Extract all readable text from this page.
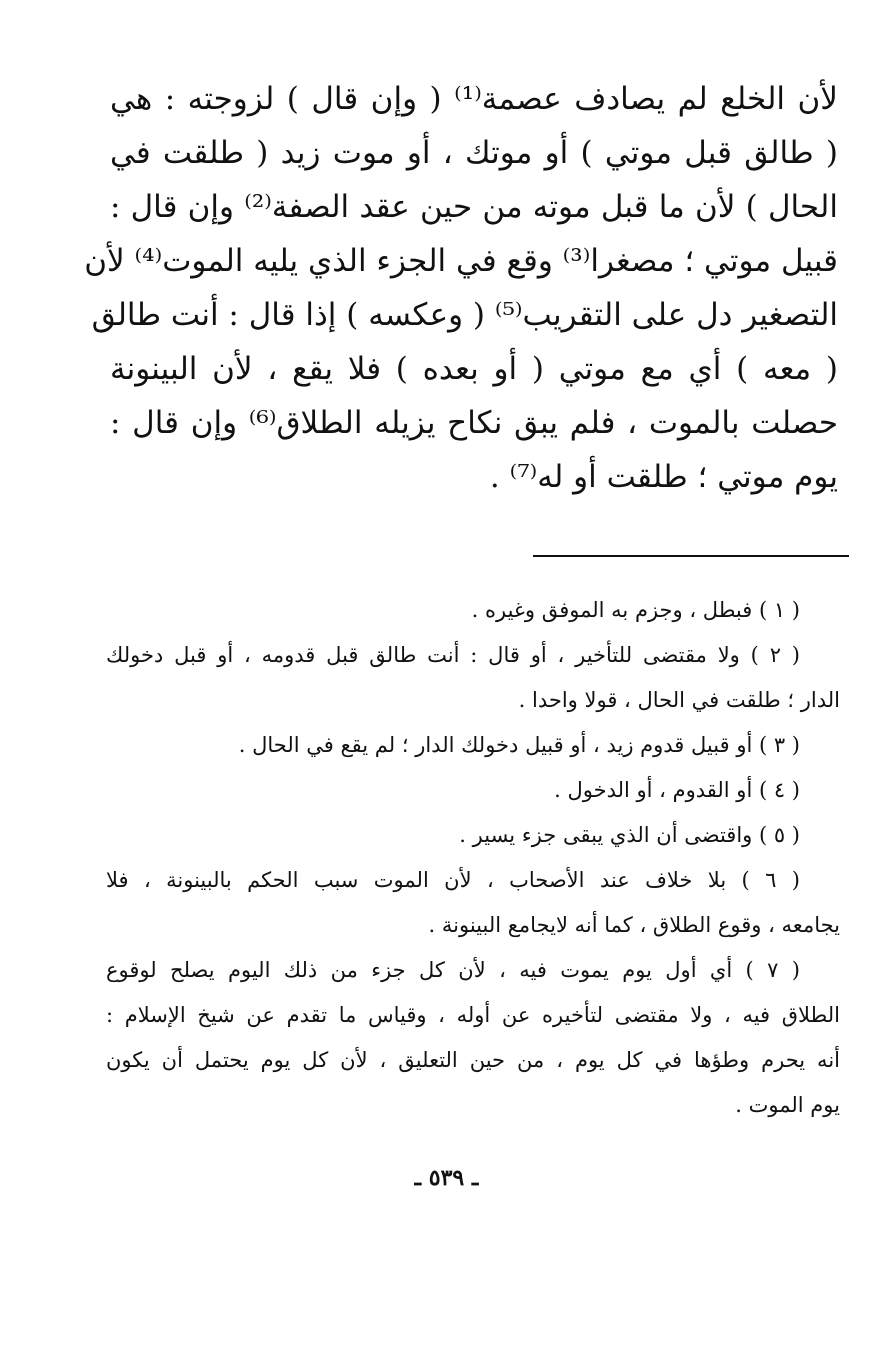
لأن الخلع لم يصادف عصمة⁽¹⁾ ( وإن قال ) لزوجته : هي
( طالق قبل موتي ) أو موتك ، أو موت زيد ( طلقت في
الحال ) لأن ما قبل موته من حين عقد الصفة⁽²⁾ وإن قال :
قبيل موتي ؛ مصغرا⁽³⁾ وقع في الجزء الذي يليه الموت⁽⁴⁾ لأن
التصغير دل على التقريب⁽⁵⁾ ( وعكسه ) إذا قال : أنت طالق
( معه ) أي مع موتي ( أو بعده ) فلا يقع ، لأن البينونة
حصلت بالموت ، فلم يبق نكاح يزيله الطلاق⁽⁶⁾ وإن قال :
يوم موتي ؛ طلقت أو له⁽⁷⁾ .
( ١ ) فبطل ، وجزم به الموفق وغيره .
( ٢ ) ولا مقتضى للتأخير ، أو قال : أنت طالق قبل قدومه ، أو قبل دخولك
الدار ؛ طلقت في الحال ، قولا واحدا .
( ٣ ) أو قبيل قدوم زيد ، أو قبيل دخولك الدار ؛ لم يقع في الحال .
( ٤ ) أو القدوم ، أو الدخول .
( ٥ ) واقتضى أن الذي يبقى جزء يسير .
( ٦ ) بلا خلاف عند الأصحاب ، لأن الموت سبب الحكم بالبينونة ، فلا
يجامعه ، وقوع الطلاق ، كما أنه لايجامع البينونة .
( ٧ ) أي أول يوم يموت فيه ، لأن كل جزء من ذلك اليوم يصلح لوقوع
الطلاق فيه ، ولا مقتضى لتأخيره عن أوله ، وقياس ما تقدم عن شيخ الإسلام :
أنه يحرم وطؤها في كل يوم ، من حين التعليق ، لأن كل يوم يحتمل أن يكون
يوم الموت .
ـ ٥٣٩ ـ
